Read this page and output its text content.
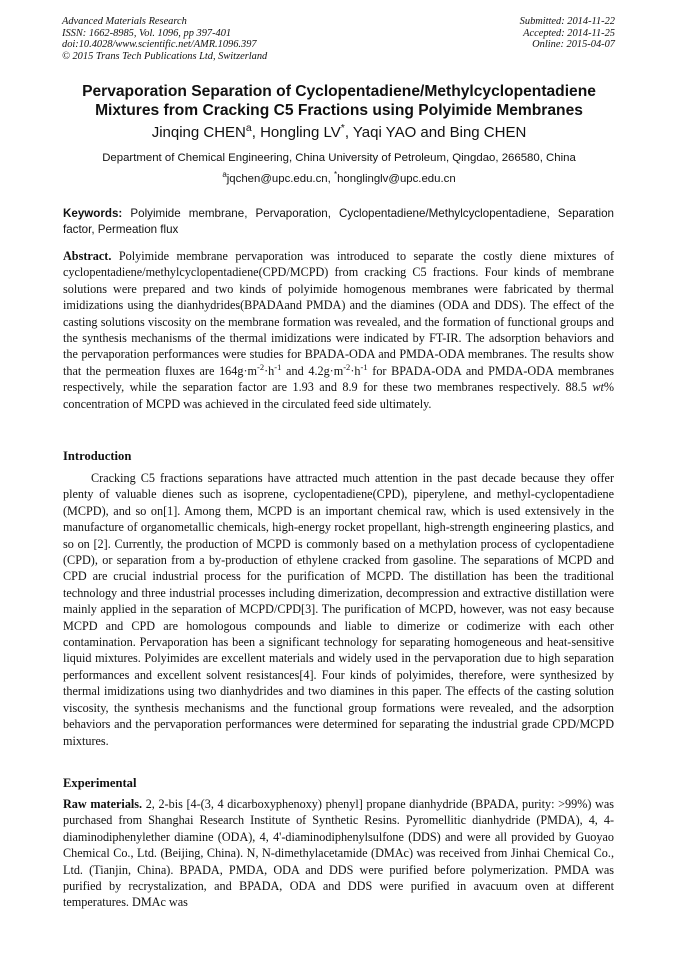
Advanced Materials Research
ISSN: 1662-8985, Vol. 1096, pp 397-401
doi:10.4028/www.scientific.net/AMR.1096.397
© 2015 Trans Tech Publications Ltd, Switzerland
Submitted: 2014-11-22
Accepted: 2014-11-25
Online: 2015-04-07
Pervaporation Separation of Cyclopentadiene/Methylcyclopentadiene
Mixtures from Cracking C5 Fractions using Polyimide Membranes
Jinqing CHEN$^a$, Hongling LV*, Yaqi YAO and Bing CHEN
Department of Chemical Engineering, China University of Petroleum, Qingdao, 266580, China
$^a$jqchen@upc.edu.cn, *honglinglv@upc.edu.cn
Keywords: Polyimide membrane, Pervaporation, Cyclopentadiene/Methylcyclopentadiene, Separation factor, Permeation flux
Abstract. Polyimide membrane pervaporation was introduced to separate the costly diene mixtures of cyclopentadiene/methylcyclopentadiene(CPD/MCPD) from cracking C5 fractions. Four kinds of membrane solutions were prepared and two kinds of polyimide homogenous membranes were fabricated by thermal imidizations using the dianhydrides(BPADAand PMDA) and the diamines (ODA and DDS). The effect of the casting solutions viscosity on the membrane formation was revealed, and the formation of functional groups and the synthesis mechanisms of the thermal imidizations were indicated by FT-IR. The adsorption behaviors and the pervaporation performances were studies for BPADA-ODA and PMDA-ODA membranes. The results show that the permeation fluxes are $164g\cdot m^{-2}\cdot h^{-1}$ and $4.2g\cdot m^{-2}\cdot h^{-1}$ for BPADA-ODA and PMDA-ODA membranes respectively, while the separation factor are 1.93 and 8.9 for these two membranes respectively. 88.5 wt% concentration of MCPD was achieved in the circulated feed side ultimately.
Introduction
Cracking C5 fractions separations have attracted much attention in the past decade because they offer plenty of valuable dienes such as isoprene, cyclopentadiene(CPD), piperylene, and methyl-cyclopentadiene (MCPD), and so on[1]. Among them, MCPD is an important chemical raw, which is used extensively in the manufacture of organometallic chemicals, high-energy rocket propellant, high-strength engineering plastics, and so on [2]. Currently, the production of MCPD is commonly based on a methylation process of cyclopentadiene (CPD), or separation from a by-production of ethylene cracked from gasoline. The separations of MCPD and CPD are crucial industrial process for the purification of MCPD. The distillation has been the traditional technology and three industrial processes including dimerization, decompression and extractive distillation were mainly applied in the separation of MCPD/CPD[3]. The purification of MCPD, however, was not easy because MCPD and CPD are homologous compounds and liable to dimerize or codimerize with each other contamination. Pervaporation has been a significant technology for separating homogeneous and heat-sensitive liquid mixtures. Polyimides are excellent materials and widely used in the pervaporation due to high separation performances and excellent solvent resistances[4]. Four kinds of polyimides, therefore, were synthesized by thermal imidizations using two dianhydrides and two diamines in this paper. The effects of the casting solution viscosity, the synthesis mechanisms and the functional group formations were revealed, and the adsorption behaviors and the pervaporation performances were determined for separating the industrial grade CPD/MCPD mixtures.
Experimental
Raw materials. 2, 2-bis [4-(3, 4 dicarboxyphenoxy) phenyl] propane dianhydride (BPADA, purity: >99%) was purchased from Shanghai Research Institute of Synthetic Resins. Pyromellitic dianhydride (PMDA), 4, 4-diaminodiphenylether diamine (ODA), 4, 4'-diaminodiphenylsulfone (DDS) and were all provided by Guoyao Chemical Co., Ltd. (Beijing, China). N, N-dimethylacetamide (DMAc) was received from Jinhai Chemical Co., Ltd. (Tianjin, China). BPADA, PMDA, ODA and DDS were purified before polymerization. PMDA was purified by recrystalization, and BPADA, ODA and DDS were purified in avacuum oven at different temperatures. DMAc was
